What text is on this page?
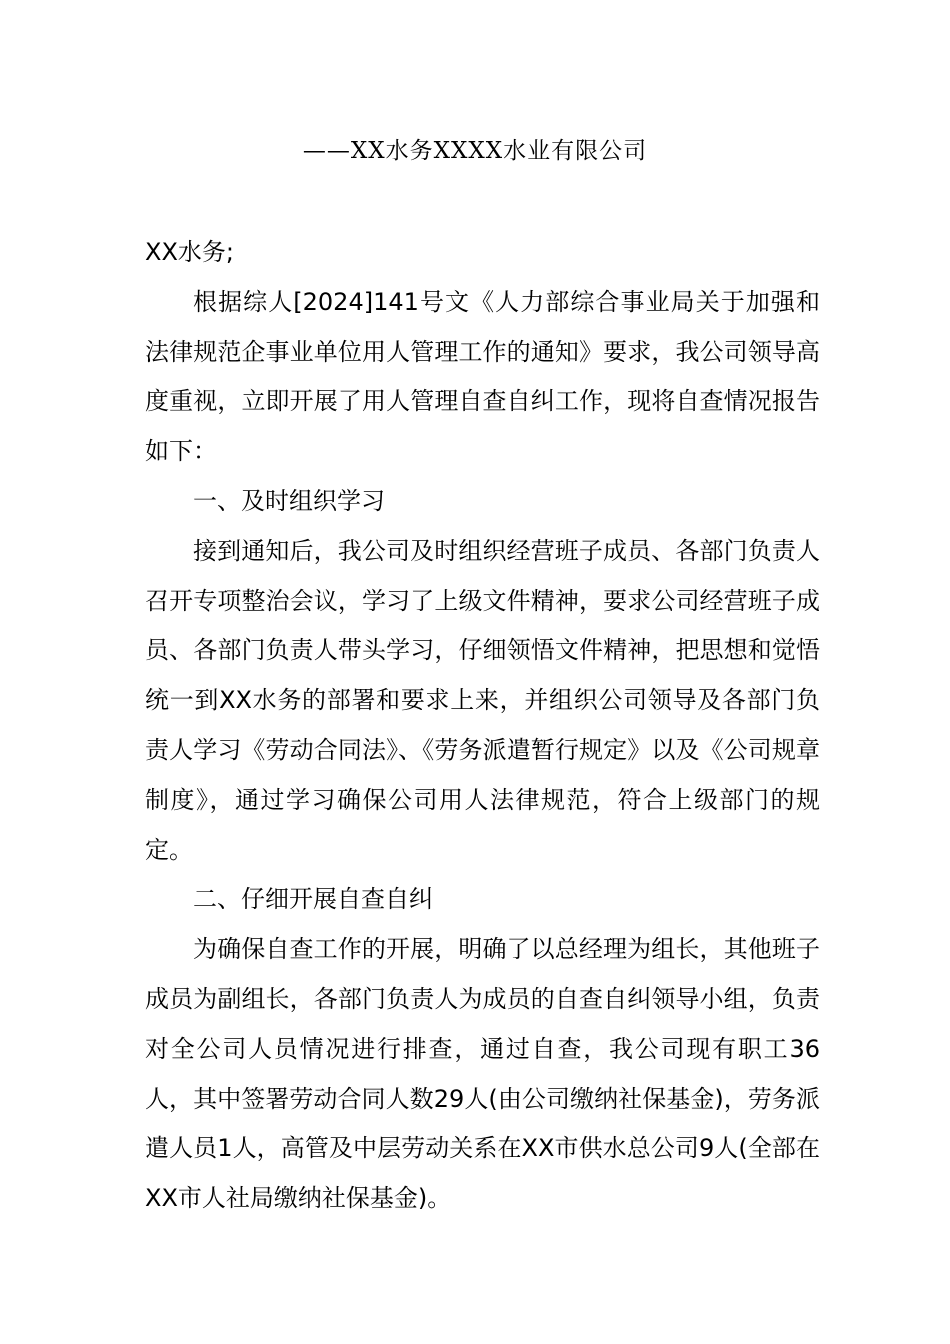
——XX水务XXXX水业有限公司

XX水务;

根据综人[2024]141号文《人力部综合事业局关于加强和法律规范企事业单位用人管理工作的通知》要求，我公司领导高度重视，立即开展了用人管理自查自纠工作，现将自查情况报告如下：

一、及时组织学习

接到通知后，我公司及时组织经营班子成员、各部门负责人召开专项整治会议，学习了上级文件精神，要求公司经营班子成员、各部门负责人带头学习，仔细领悟文件精神，把思想和觉悟统一到XX水务的部署和要求上来，并组织公司领导及各部门负责人学习《劳动合同法》、《劳务派遣暂行规定》以及《公司规章制度》，通过学习确保公司用人法律规范，符合上级部门的规定。

二、仔细开展自查自纠

为确保自查工作的开展，明确了以总经理为组长，其他班子成员为副组长，各部门负责人为成员的自查自纠领导小组，负责对全公司人员情况进行排查，通过自查，我公司现有职工36人，其中签署劳动合同人数29人(由公司缴纳社保基金)，劳务派遣人员1人，高管及中层劳动关系在XX市供水总公司9人(全部在XX市人社局缴纳社保基金)。
